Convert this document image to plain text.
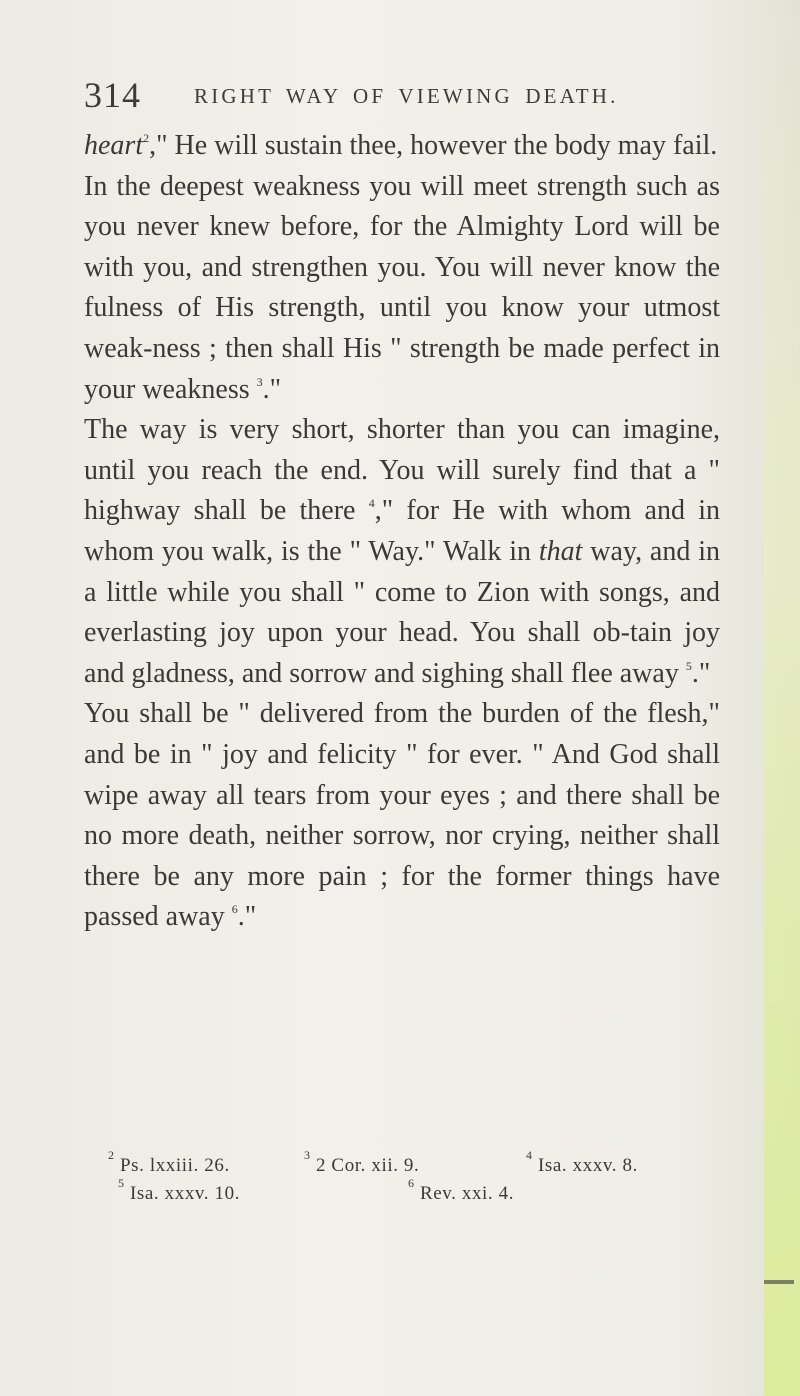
314	RIGHT WAY OF VIEWING DEATH.

heart$^2$," He will sustain thee, however the body may fail.

In the deepest weakness you will meet strength such as you never knew before, for the Almighty Lord will be with you, and strengthen you. You will never know the fulness of His strength, until you know your utmost weak-ness ; then shall His " strength be made perfect in your weakness $^3$."

The way is very short, shorter than you can imagine, until you reach the end. You will surely find that a " highway shall be there $^4$," for He with whom and in whom you walk, is the " Way." Walk in that way, and in a little while you shall " come to Zion with songs, and everlasting joy upon your head. You shall ob-tain joy and gladness, and sorrow and sighing shall flee away $^5$."

You shall be " delivered from the burden of the flesh," and be in " joy and felicity " for ever. " And God shall wipe away all tears from your eyes ; and there shall be no more death, neither sorrow, nor crying, neither shall there be any more pain ; for the former things have passed away $^6$."

$^2$ Ps. lxxiii. 26.	$^3$ 2 Cor. xii. 9.	$^4$ Isa. xxxv. 8.
$^5$ Isa. xxxv. 10.	$^6$ Rev. xxi. 4.
